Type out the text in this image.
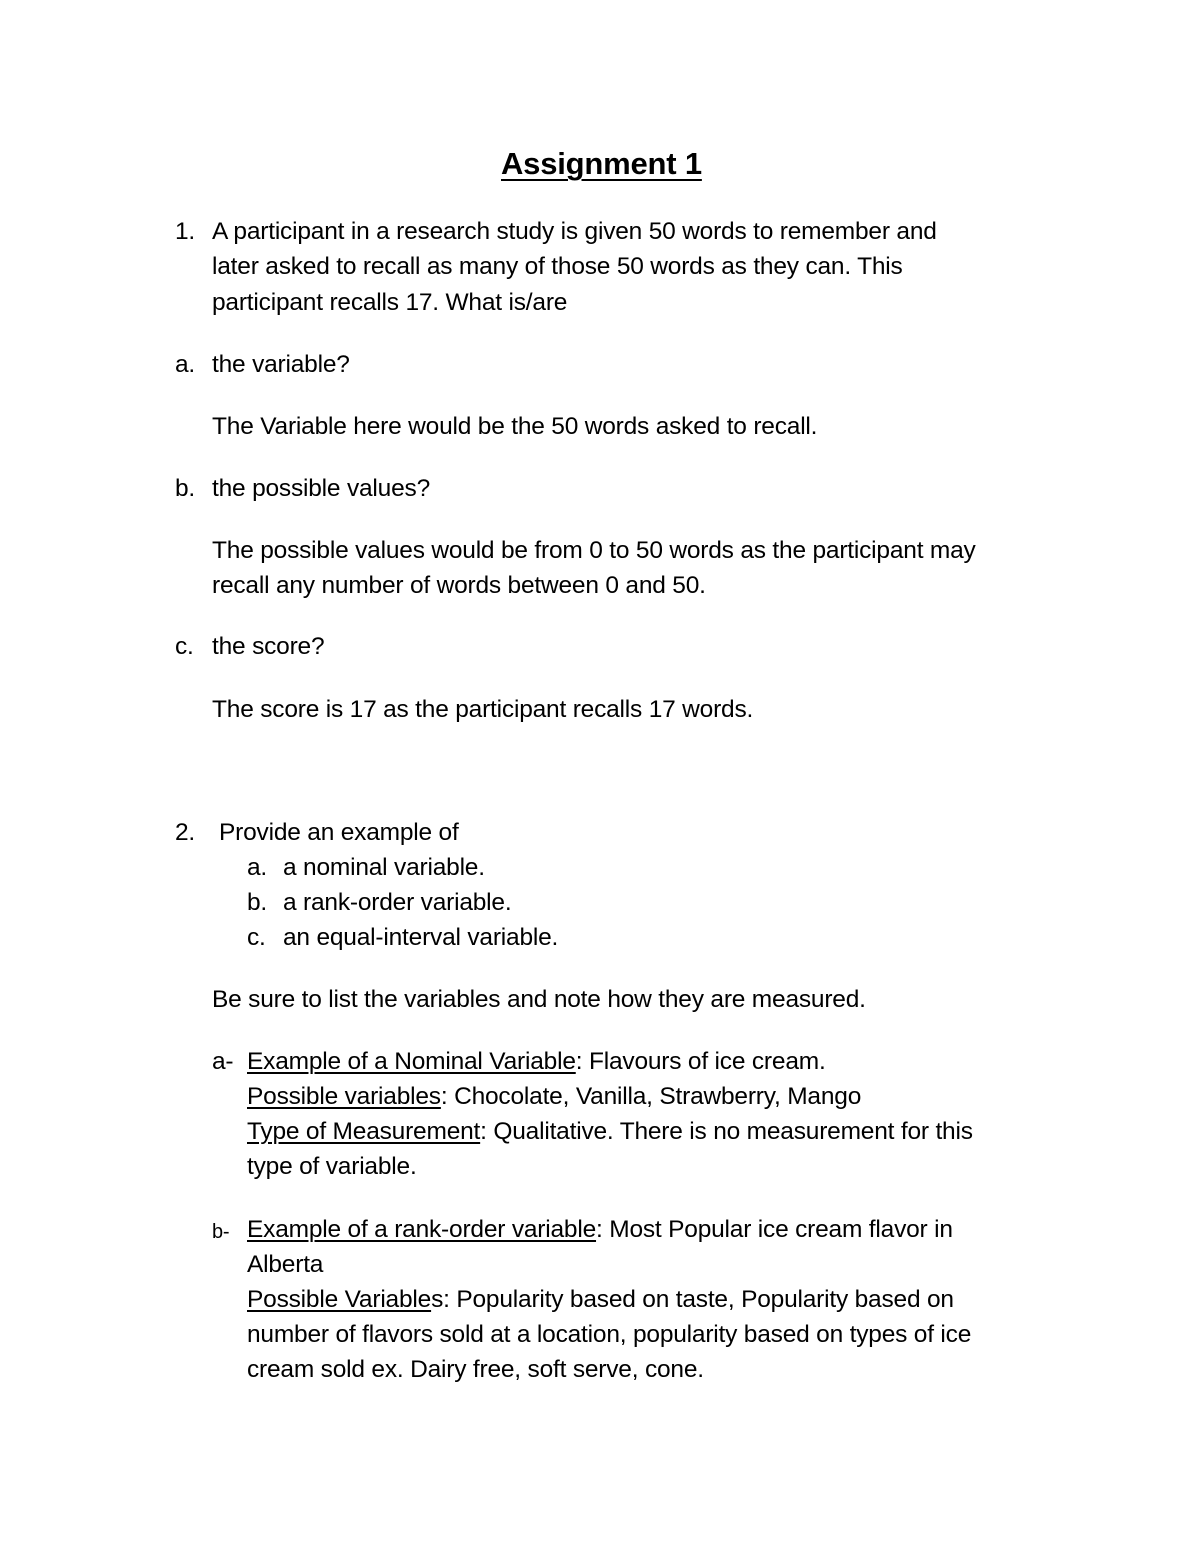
Assignment 1
1. A participant in a research study is given 50 words to remember and
later asked to recall as many of those 50 words as they can. This
participant recalls 17. What is/are
a. the variable?
The Variable here would be the 50 words asked to recall.
b. the possible values?
The possible values would be from 0 to 50 words as the participant may
recall any number of words between 0 and 50.
c. the score?
The score is 17 as the participant recalls 17 words.
2. Provide an example of
a. a nominal variable.
b. a rank-order variable.
c. an equal-interval variable.
Be sure to list the variables and note how they are measured.
a- Example of a Nominal Variable: Flavours of ice cream.
Possible variables: Chocolate, Vanilla, Strawberry, Mango
Type of Measurement: Qualitative. There is no measurement for this
type of variable.
b- Example of a rank-order variable: Most Popular ice cream flavor in
Alberta
Possible Variables: Popularity based on taste, Popularity based on
number of flavors sold at a location, popularity based on types of ice
cream sold ex. Dairy free, soft serve, cone.
